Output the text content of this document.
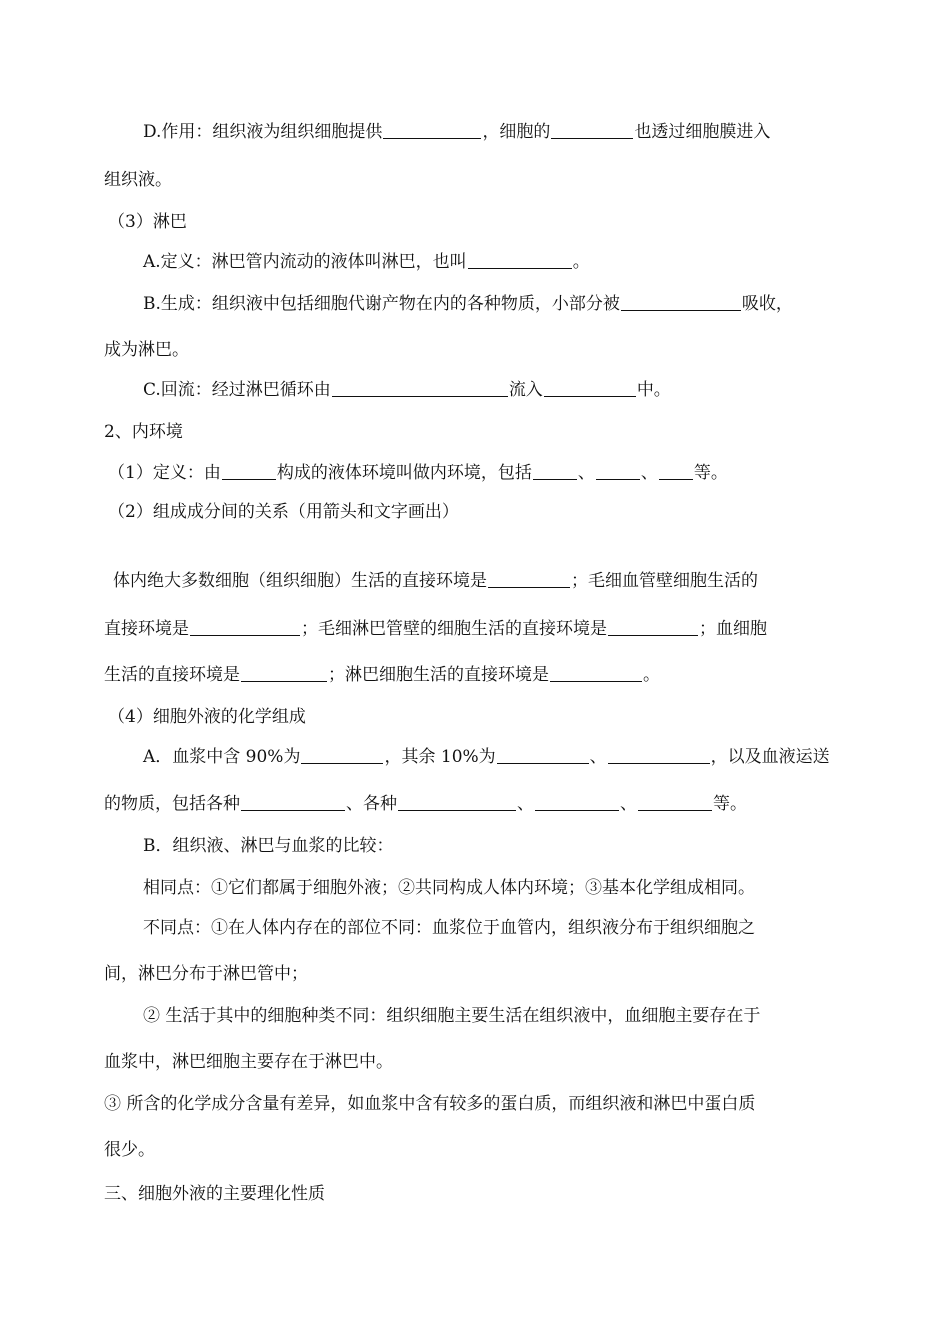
D.作用：组织液为组织细胞提供	，细胞的	也透过细胞膜进入
组织液。
（3）淋巴
A.定义：淋巴管内流动的液体叫淋巴，也叫	。
B.生成：组织液中包括细胞代谢产物在内的各种物质，小部分被	吸收，
成为淋巴。
C.回流：经过淋巴循环由	流入	中。
2、内环境
（1）定义：由	构成的液体环境叫做内环境，包括	、	、 等。
（2）组成成分间的关系（用箭头和文字画出）
体内绝大多数细胞（组织细胞）生活的直接环境是	；毛细血管壁细胞生活的
直接环境是	；毛细淋巴管壁的细胞生活的直接环境是	；血细胞
生活的直接环境是	；淋巴细胞生活的直接环境是	。
（4）细胞外液的化学组成
A．血浆中含 90%为	，其余 10%为	、	，以及血液运送
的物质，包括各种	、各种	、	、	等。
B．组织液、淋巴与血浆的比较：
相同点：①它们都属于细胞外液；②共同构成人体内环境；③基本化学组成相同。
不同点：①在人体内存在的部位不同：血浆位于血管内，组织液分布于组织细胞之
间，淋巴分布于淋巴管中；
② 生活于其中的细胞种类不同：组织细胞主要生活在组织液中，血细胞主要存在于
血浆中，淋巴细胞主要存在于淋巴中。
③ 所含的化学成分含量有差异，如血浆中含有较多的蛋白质，而组织液和淋巴中蛋白质
很少。
三、细胞外液的主要理化性质
